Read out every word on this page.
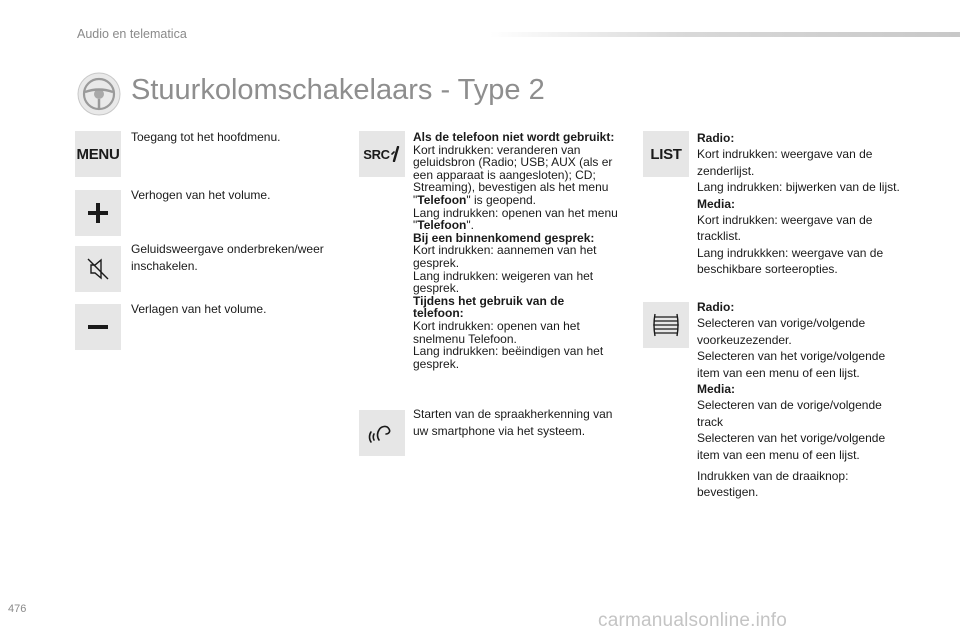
Audio en telematica
Stuurkolomschakelaars - Type 2
MENU
Toegang tot het hoofdmenu.
Verhogen van het volume.
Geluidsweergave onderbreken/weer inschakelen.
Verlagen van het volume.
SRC
Als de telefoon niet wordt gebruikt:
Kort indrukken: veranderen van geluidsbron (Radio; USB; AUX (als er een apparaat is aangesloten); CD; Streaming), bevestigen als het menu "Telefoon" is geopend.
Lang indrukken: openen van het menu "Telefoon".
Bij een binnenkomend gesprek:
Kort indrukken: aannemen van het gesprek.
Lang indrukken: weigeren van het gesprek.
Tijdens het gebruik van de telefoon:
Kort indrukken: openen van het snelmenu Telefoon.
Lang indrukken: beëindigen van het gesprek.
Starten van de spraakherkenning van uw smartphone via het systeem.
LIST
Radio:
Kort indrukken: weergave van de zenderlijst.
Lang indrukken: bijwerken van de lijst.
Media:
Kort indrukken: weergave van de tracklist.
Lang indrukkken: weergave van de beschikbare sorteeropties.
Radio:
Selecteren van vorige/volgende voorkeuzezender.
Selecteren van het vorige/volgende item van een menu of een lijst.
Media:
Selecteren van de vorige/volgende track
Selecteren van het vorige/volgende item van een menu of een lijst.
Indrukken van de draaiknop: bevestigen.
476
carmanualsonline.info
